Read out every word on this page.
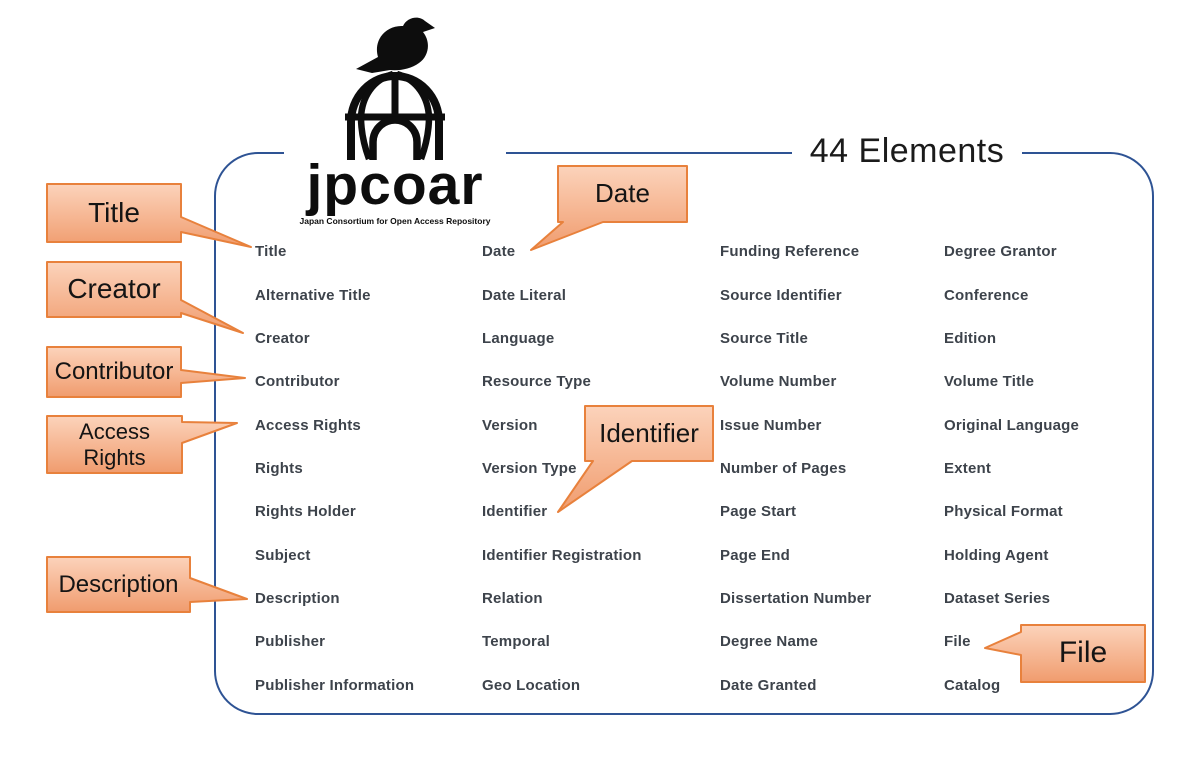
jpcoar
Japan Consortium for Open Access Repository
44 Elements
Title
Alternative Title
Creator
Contributor
Access Rights
Rights
Rights Holder
Subject
Description
Publisher
Publisher Information
Date
Date Literal
Language
Resource Type
Version
Version Type
Identifier
Identifier Registration
Relation
Temporal
Geo Location
Funding Reference
Source Identifier
Source Title
Volume Number
Issue Number
Number of Pages
Page Start
Page End
Dissertation Number
Degree Name
Date Granted
Degree Grantor
Conference
Edition
Volume Title
Original Language
Extent
Physical Format
Holding Agent
Dataset Series
File
Catalog
Title
Creator
Contributor
Access Rights
Description
Date
Identifier
File
